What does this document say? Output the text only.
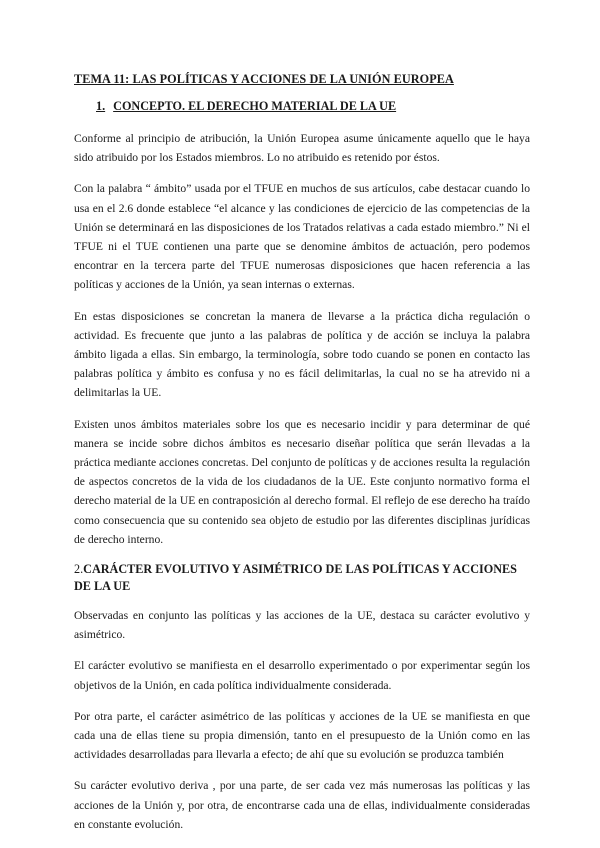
TEMA 11: LAS POLÍTICAS Y ACCIONES DE LA UNIÓN EUROPEA
1. CONCEPTO. EL DERECHO MATERIAL DE LA UE

Conforme al principio de atribución, la Unión Europea asume únicamente aquello que le haya sido atribuido por los Estados miembros. Lo no atribuido es retenido por éstos.

Con la palabra “ ámbito” usada por el TFUE en muchos de sus artículos, cabe destacar cuando lo usa en el 2.6 donde establece “el alcance y las condiciones de ejercicio de las competencias de la Unión se determinará en las disposiciones de los Tratados relativas a cada estado miembro.” Ni el TFUE ni el TUE contienen una parte que se denomine ámbitos de actuación, pero podemos encontrar en la tercera parte del TFUE numerosas disposiciones que hacen referencia a las políticas y acciones de la Unión, ya sean internas o externas.

En estas disposiciones se concretan la manera de llevarse a la práctica dicha regulación o actividad. Es frecuente que junto a las palabras de política y de acción se incluya la palabra ámbito ligada a ellas. Sin embargo, la terminología, sobre todo cuando se ponen en contacto las palabras política y ámbito es confusa y no es fácil delimitarlas, la cual no se ha atrevido ni a delimitarlas la UE.

Existen unos ámbitos materiales sobre los que es necesario incidir y para determinar de qué manera se incide sobre dichos ámbitos es necesario diseñar política que serán llevadas a la práctica mediante acciones concretas. Del conjunto de políticas y de acciones resulta la regulación de aspectos concretos de la vida de los ciudadanos de la UE. Este conjunto normativo forma el derecho material de la UE en contraposición al derecho formal. El reflejo de ese derecho ha traído como consecuencia que su contenido sea objeto de estudio por las diferentes disciplinas jurídicas de derecho interno.

2.CARÁCTER EVOLUTIVO Y ASIMÉTRICO DE LAS POLÍTICAS Y ACCIONES DE LA UE

Observadas en conjunto las políticas y las acciones de la UE, destaca su carácter evolutivo y asimétrico.

El carácter evolutivo se manifiesta en el desarrollo experimentado o por experimentar según los objetivos de la Unión, en cada política individualmente considerada.

Por otra parte, el carácter asimétrico de las políticas y acciones de la UE se manifiesta en que cada una de ellas tiene su propia dimensión, tanto en el presupuesto de la Unión como en las actividades desarrolladas para llevarla a efecto; de ahí que su evolución se produzca también

Su carácter evolutivo deriva , por una parte, de ser cada vez más numerosas las políticas y las acciones de la Unión y, por otra, de encontrarse cada una de ellas, individualmente consideradas en constante evolución.
